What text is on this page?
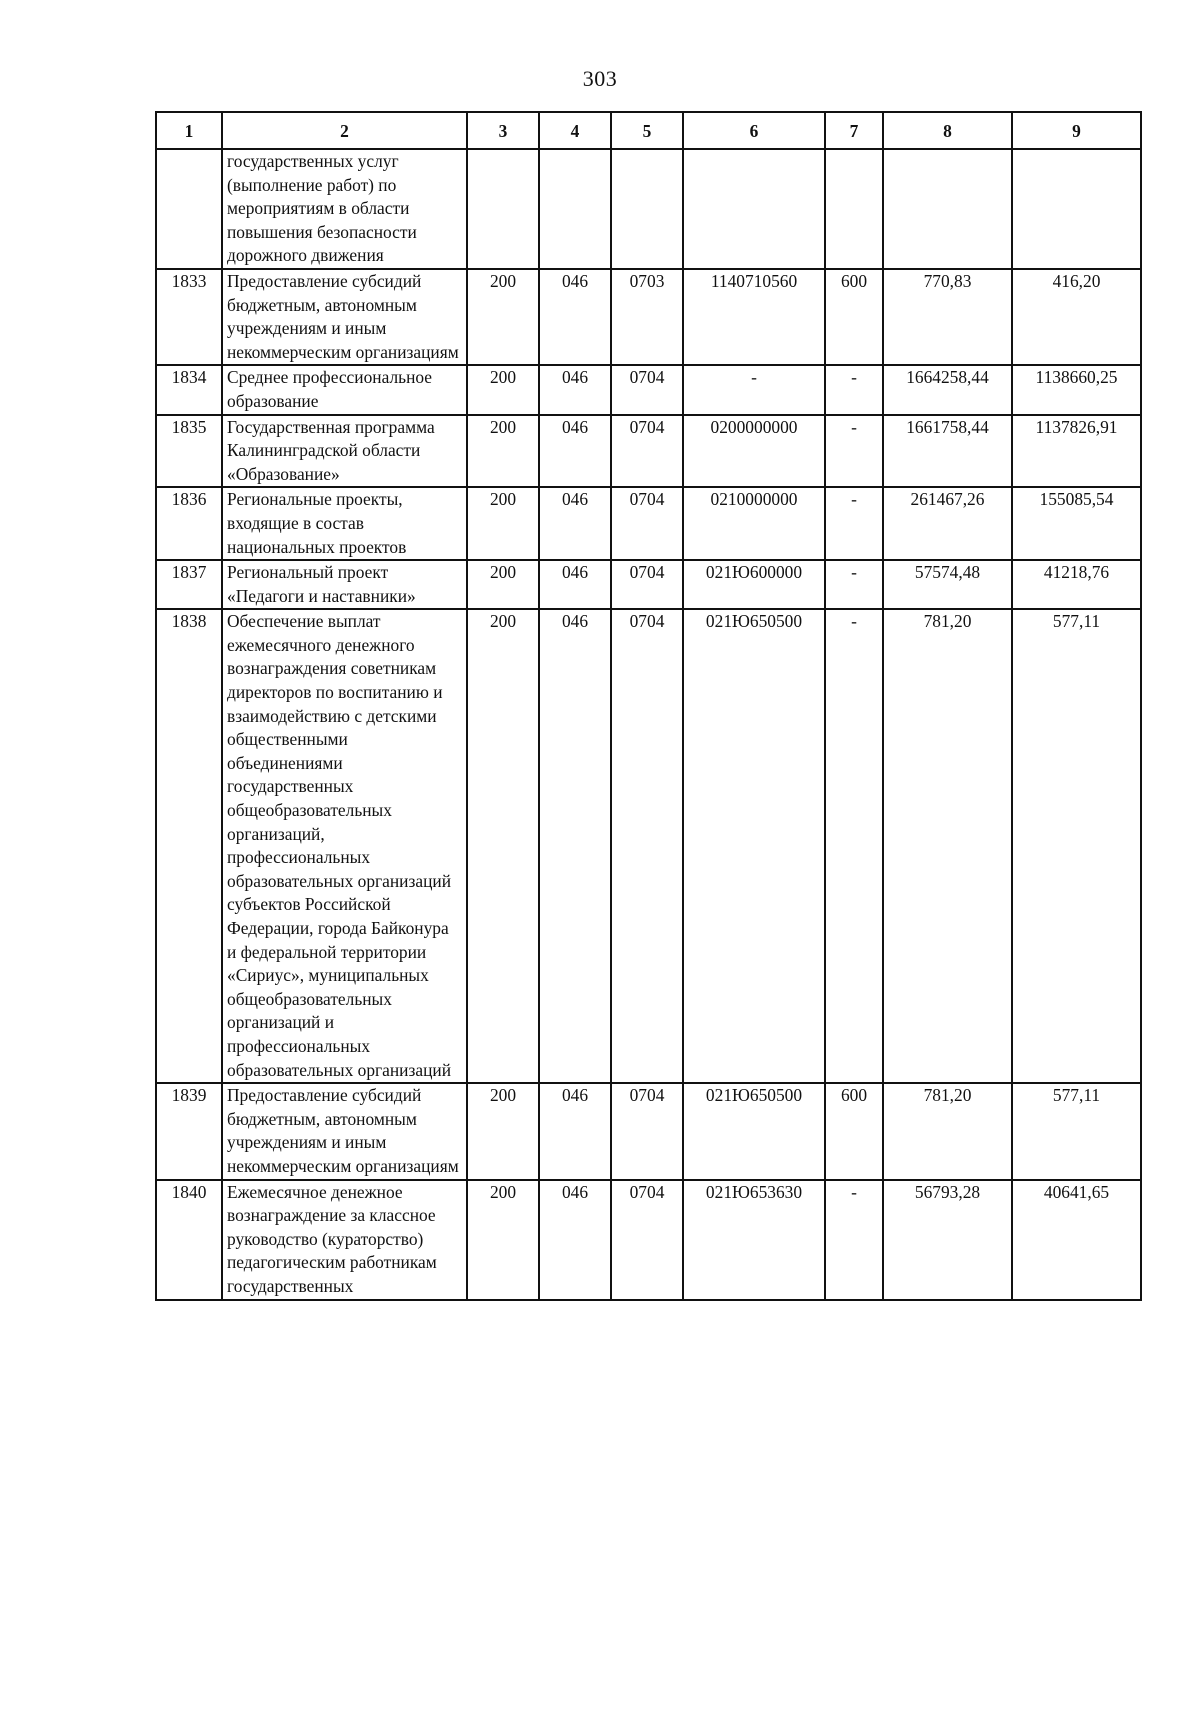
303
1	2	3	4	5	6	7	8	9
	государственных услуг (выполнение работ) по мероприятиям в области повышения безопасности дорожного движения							
1833	Предоставление субсидий бюджетным, автономным учреждениям и иным некоммерческим организациям	200	046	0703	1140710560	600	770,83	416,20
1834	Среднее профессиональное образование	200	046	0704	-	-	1664258,44	1138660,25
1835	Государственная программа Калининградской области «Образование»	200	046	0704	0200000000	-	1661758,44	1137826,91
1836	Региональные проекты, входящие в состав национальных проектов	200	046	0704	0210000000	-	261467,26	155085,54
1837	Региональный проект «Педагоги и наставники»	200	046	0704	021Ю600000	-	57574,48	41218,76
1838	Обеспечение выплат ежемесячного денежного вознаграждения советникам директоров по воспитанию и взаимодействию с детскими общественными объединениями государственных общеобразовательных организаций, профессиональных образовательных организаций субъектов Российской Федерации, города Байконура и федеральной территории «Сириус», муниципальных общеобразовательных организаций и профессиональных образовательных организаций	200	046	0704	021Ю650500	-	781,20	577,11
1839	Предоставление субсидий бюджетным, автономным учреждениям и иным некоммерческим организациям	200	046	0704	021Ю650500	600	781,20	577,11
1840	Ежемесячное денежное вознаграждение за классное руководство (кураторство) педагогическим работникам государственных	200	046	0704	021Ю653630	-	56793,28	40641,65
